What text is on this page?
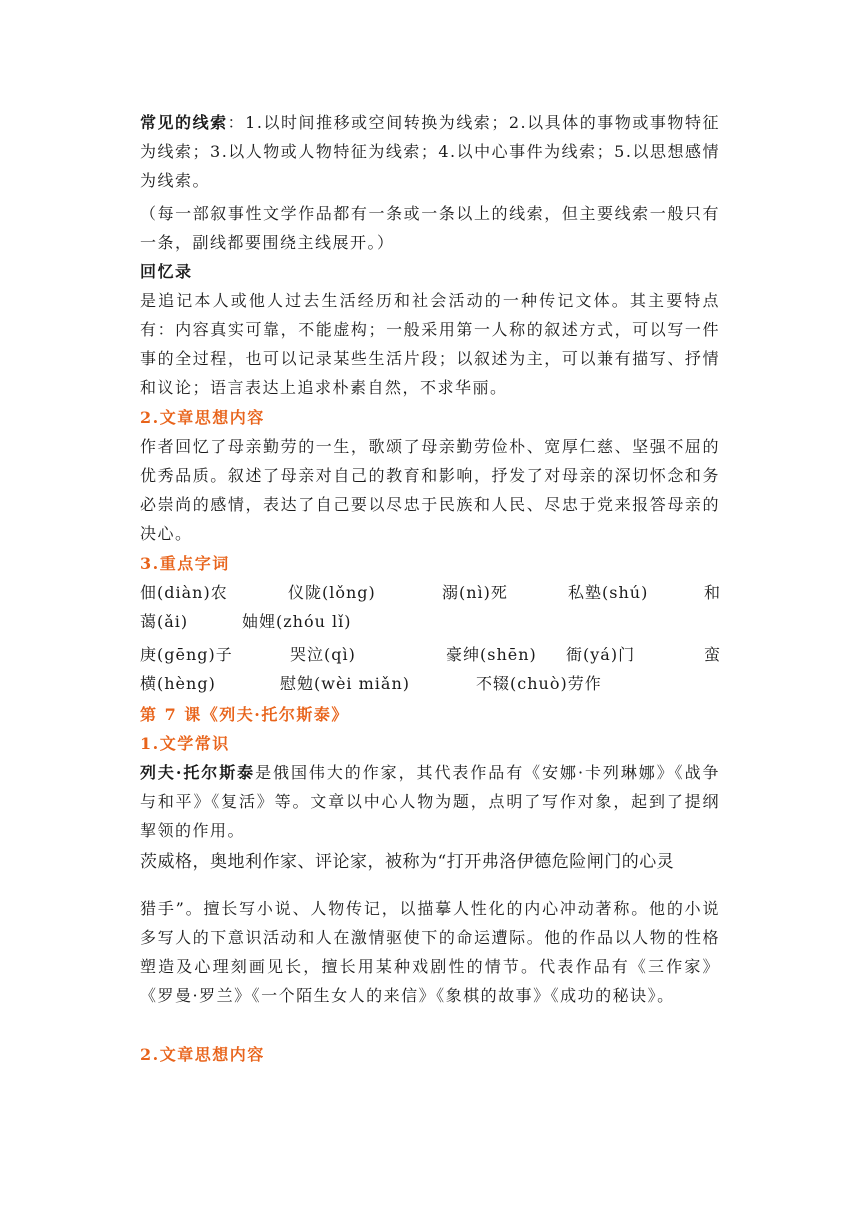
常见的线索：1.以时间推移或空间转换为线索；2.以具体的事物或事物特征为线索；3.以人物或人物特征为线索；4.以中心事件为线索；5.以思想感情为线索。

（每一部叙事性文学作品都有一条或一条以上的线索，但主要线索一般只有一条，副线都要围绕主线展开。）

回忆录

是追记本人或他人过去生活经历和社会活动的一种传记文体。其主要特点有：内容真实可靠，不能虚构；一般采用第一人称的叙述方式，可以写一件事的全过程，也可以记录某些生活片段；以叙述为主，可以兼有描写、抒情和议论；语言表达上追求朴素自然，不求华丽。

2.文章思想内容

作者回忆了母亲勤劳的一生，歌颂了母亲勤劳俭朴、宽厚仁慈、坚强不屈的优秀品质。叙述了母亲对自己的教育和影响，抒发了对母亲的深切怀念和务必崇尚的感情，表达了自己要以尽忠于民族和人民、尽忠于党来报答母亲的决心。

3.重点字词

佃(diàn)农	仪陇(lǒng)	溺(nì)死	私塾(shú)	和
蔼(ǎi)	妯娌(zhóu lǐ)
庚(gēng)子	哭泣(qì)	豪绅(shēn) 衙(yá)门	蛮
横(hèng)	慰勉(wèi miǎn)	不辍(chuò)劳作

第 7 课《列夫·托尔斯泰》

1.文学常识

列夫·托尔斯泰是俄国伟大的作家，其代表作品有《安娜·卡列琳娜》《战争与和平》《复活》等。文章以中心人物为题，点明了写作对象，起到了提纲挈领的作用。

茨威格，奥地利作家、评论家，被称为“打开弗洛伊德危险闸门的心灵

猎手”。擅长写小说、人物传记，以描摹人性化的内心冲动著称。他的小说多写人的下意识活动和人在激情驱使下的命运遭际。他的作品以人物的性格塑造及心理刻画见长，擅长用某种戏剧性的情节。代表作品有《三作家》《罗曼·罗兰》《一个陌生女人的来信》《象棋的故事》《成功的秘诀》。

2.文章思想内容
